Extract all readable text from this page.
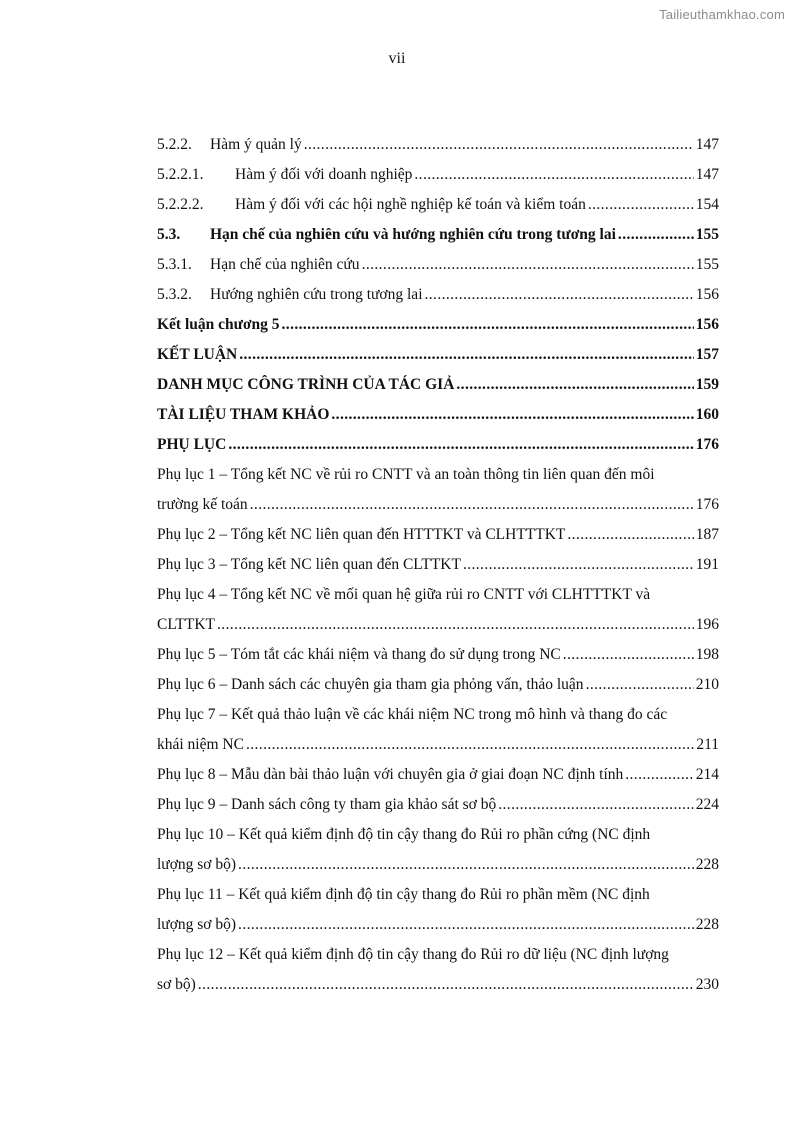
Tailieuthamkhao.com
vii
5.2.2.	Hàm ý quản lý .....	147
5.2.2.1.	Hàm ý đối với doanh nghiệp .....	147
5.2.2.2.	Hàm ý đối với các hội nghề nghiệp kế toán và kiểm toán .....	154
5.3.	Hạn chế của nghiên cứu và hướng nghiên cứu trong tương lai .....	155
5.3.1.	Hạn chế của nghiên cứu .....	155
5.3.2.	Hướng nghiên cứu trong tương lai .....	156
Kết luận chương 5 .....	156
KẾT LUẬN .....	157
DANH MỤC CÔNG TRÌNH CỦA TÁC GIẢ .....	159
TÀI LIỆU THAM KHẢO .....	160
PHỤ LỤC .....	176
Phụ lục 1 – Tổng kết NC về rủi ro CNTT và an toàn thông tin liên quan đến môi
trường kế toán .....	176
Phụ lục 2 – Tổng kết NC liên quan đến HTTTKT và CLHTTTKT .....	187
Phụ lục 3 – Tổng kết NC liên quan đến CLTTKT .....	191
Phụ lục 4 – Tổng kết NC về mối quan hệ giữa rủi ro CNTT với CLHTTTKT và
CLTTKT .....	196
Phụ lục 5 – Tóm tắt các khái niệm và thang đo sử dụng trong NC .....	198
Phụ lục 6 – Danh sách các chuyên gia tham gia phỏng vấn, thảo luận .....	210
Phụ lục 7 – Kết quả thảo luận về các khái niệm NC trong mô hình và thang đo các
khái niệm NC .....	211
Phụ lục 8 – Mẫu dàn bài thảo luận với chuyên gia ở giai đoạn NC định tính .....	214
Phụ lục 9 – Danh sách công ty tham gia khảo sát sơ bộ .....	224
Phụ lục 10 – Kết quả kiểm định độ tin cậy thang đo Rủi ro phần cứng (NC định
lượng sơ bộ) .....	228
Phụ lục 11 – Kết quả kiểm định độ tin cậy thang đo Rủi ro phần mềm (NC định
lượng sơ bộ) .....	228
Phụ lục 12 – Kết quả kiểm định độ tin cậy thang đo Rủi ro dữ liệu (NC định lượng
sơ bộ) .....	230
